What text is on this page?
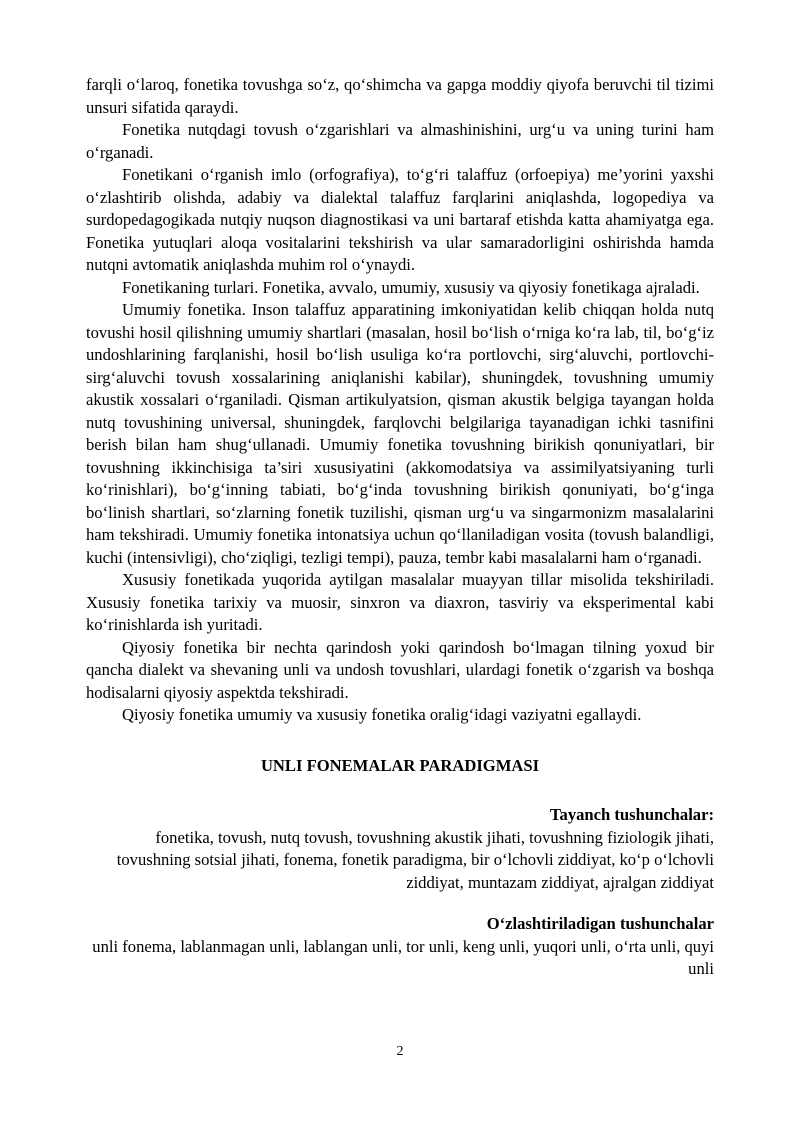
farqli o‘laroq, fonetika tovushga so‘z, qo‘shimcha va gapga moddiy qiyofa beruvchi til tizimi unsuri sifatida qaraydi.

Fonetika nutqdagi tovush o‘zgarishlari va almashinishini, urg‘u va uning turini ham o‘rganadi.

Fonetikani o‘rganish imlo (orfografiya), to‘g‘ri talaffuz (orfoepiya) me’yorini yaxshi o‘zlashtirib olishda, adabiy va dialektal talaffuz farqlarini aniqlashda, logopediya va surdopedagogikada nutqiy nuqson diagnostikasi va uni bartaraf etishda katta ahamiyatga ega. Fonetika yutuqlari aloqa vositalarini tekshirish va ular samaradorligini oshirishda hamda nutqni avtomatik aniqlashda muhim rol o‘ynaydi.

Fonetikaning turlari. Fonetika, avvalo, umumiy, xususiy va qiyosiy fonetikaga ajraladi.

Umumiy fonetika. Inson talaffuz apparatining imkoniyatidan kelib chiqqan holda nutq tovushi hosil qilishning umumiy shartlari (masalan, hosil bo‘lish o‘rniga ko‘ra lab, til, bo‘g‘iz undoshlarining farqlanishi, hosil bo‘lish usuliga ko‘ra portlovchi, sirg‘aluvchi, portlovchi-sirg‘aluvchi tovush xossalarining aniqlanishi kabilar), shuningdek, tovushning umumiy akustik xossalari o‘rganiladi. Qisman artikulyatsion, qisman akustik belgiga tayangan holda nutq tovushining universal, shuningdek, farqlovchi belgilariga tayanadigan ichki tasnifini berish bilan ham shug‘ullanadi. Umumiy fonetika tovushning birikish qonuniyatlari, bir tovushning ikkinchisiga ta’siri xususiyatini (akkomodatsiya va assimilyatsiyaning turli ko‘rinishlari), bo‘g‘inning tabiati, bo‘g‘inda tovushning birikish qonuniyati, bo‘g‘inga bo‘linish shartlari, so‘zlarning fonetik tuzilishi, qisman urg‘u va singarmonizm masalalarini ham tekshiradi. Umumiy fonetika intonatsiya uchun qo‘llaniladigan vosita (tovush balandligi, kuchi (intensivligi), cho‘ziqligi, tezligi tempi), pauza, tembr kabi masalalarni ham o‘rganadi.

Xususiy fonetikada yuqorida aytilgan masalalar muayyan tillar misolida tekshiriladi. Xususiy fonetika tarixiy va muosir, sinxron va diaxron, tasviriy va eksperimental kabi ko‘rinishlarda ish yuritadi.

Qiyosiy fonetika bir nechta qarindosh yoki qarindosh bo‘lmagan tilning yoxud bir qancha dialekt va shevaning unli va undosh tovushlari, ulardagi fonetik o‘zgarish va boshqa hodisalarni qiyosiy aspektda tekshiradi.

Qiyosiy fonetika umumiy va xususiy fonetika oralig‘idagi vaziyatni egallaydi.

UNLI FONEMALAR PARADIGMASI

Tayanch tushunchalar:

fonetika, tovush, nutq tovush, tovushning akustik jihati, tovushning fiziologik jihati, tovushning sotsial jihati, fonema, fonetik paradigma, bir o‘lchovli ziddiyat, ko‘p o‘lchovli ziddiyat, muntazam ziddiyat, ajralgan ziddiyat

O‘zlashtiriladigan tushunchalar

unli fonema, lablanmagan unli, lablangan unli, tor unli, keng unli, yuqori unli, o‘rta unli, quyi unli

2
